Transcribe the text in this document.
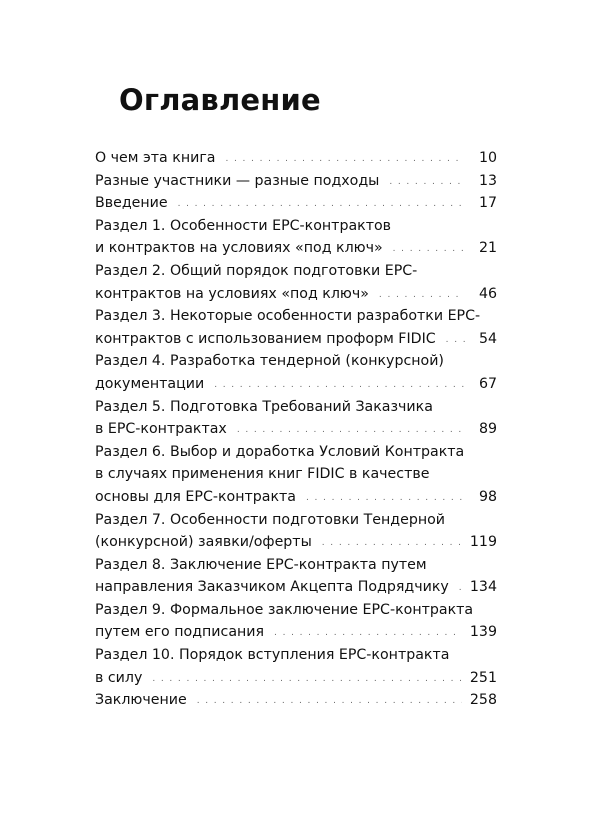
Оглавление
О чем эта книга . . .	10
Разные участники — разные подходы . . .	13
Введение . . .	17
Раздел 1. Особенности EPC-контрактов
и контрактов на условиях «под ключ» . . .	21
Раздел 2. Общий порядок подготовки EPC-
контрактов на условиях «под ключ» . . .	46
Раздел 3. Некоторые особенности разработки EPC-
контрактов с использованием проформ FIDIC . . .	54
Раздел 4. Разработка тендерной (конкурсной)
документации . . .	67
Раздел 5. Подготовка Требований Заказчика
в EPC-контрактах . . .	89
Раздел 6. Выбор и доработка Условий Контракта
в случаях применения книг FIDIC в качестве
основы для EPC-контракта . . .	98
Раздел 7. Особенности подготовки Тендерной
(конкурсной) заявки/оферты . . .	119
Раздел 8. Заключение EPC-контракта путем
направления Заказчиком Акцепта Подрядчику . . . 134
Раздел 9. Формальное заключение EPC-контракта
путем его подписания . . .	139
Раздел 10. Порядок вступления EPC-контракта
в силу . . .	251
Заключение . . .	258
